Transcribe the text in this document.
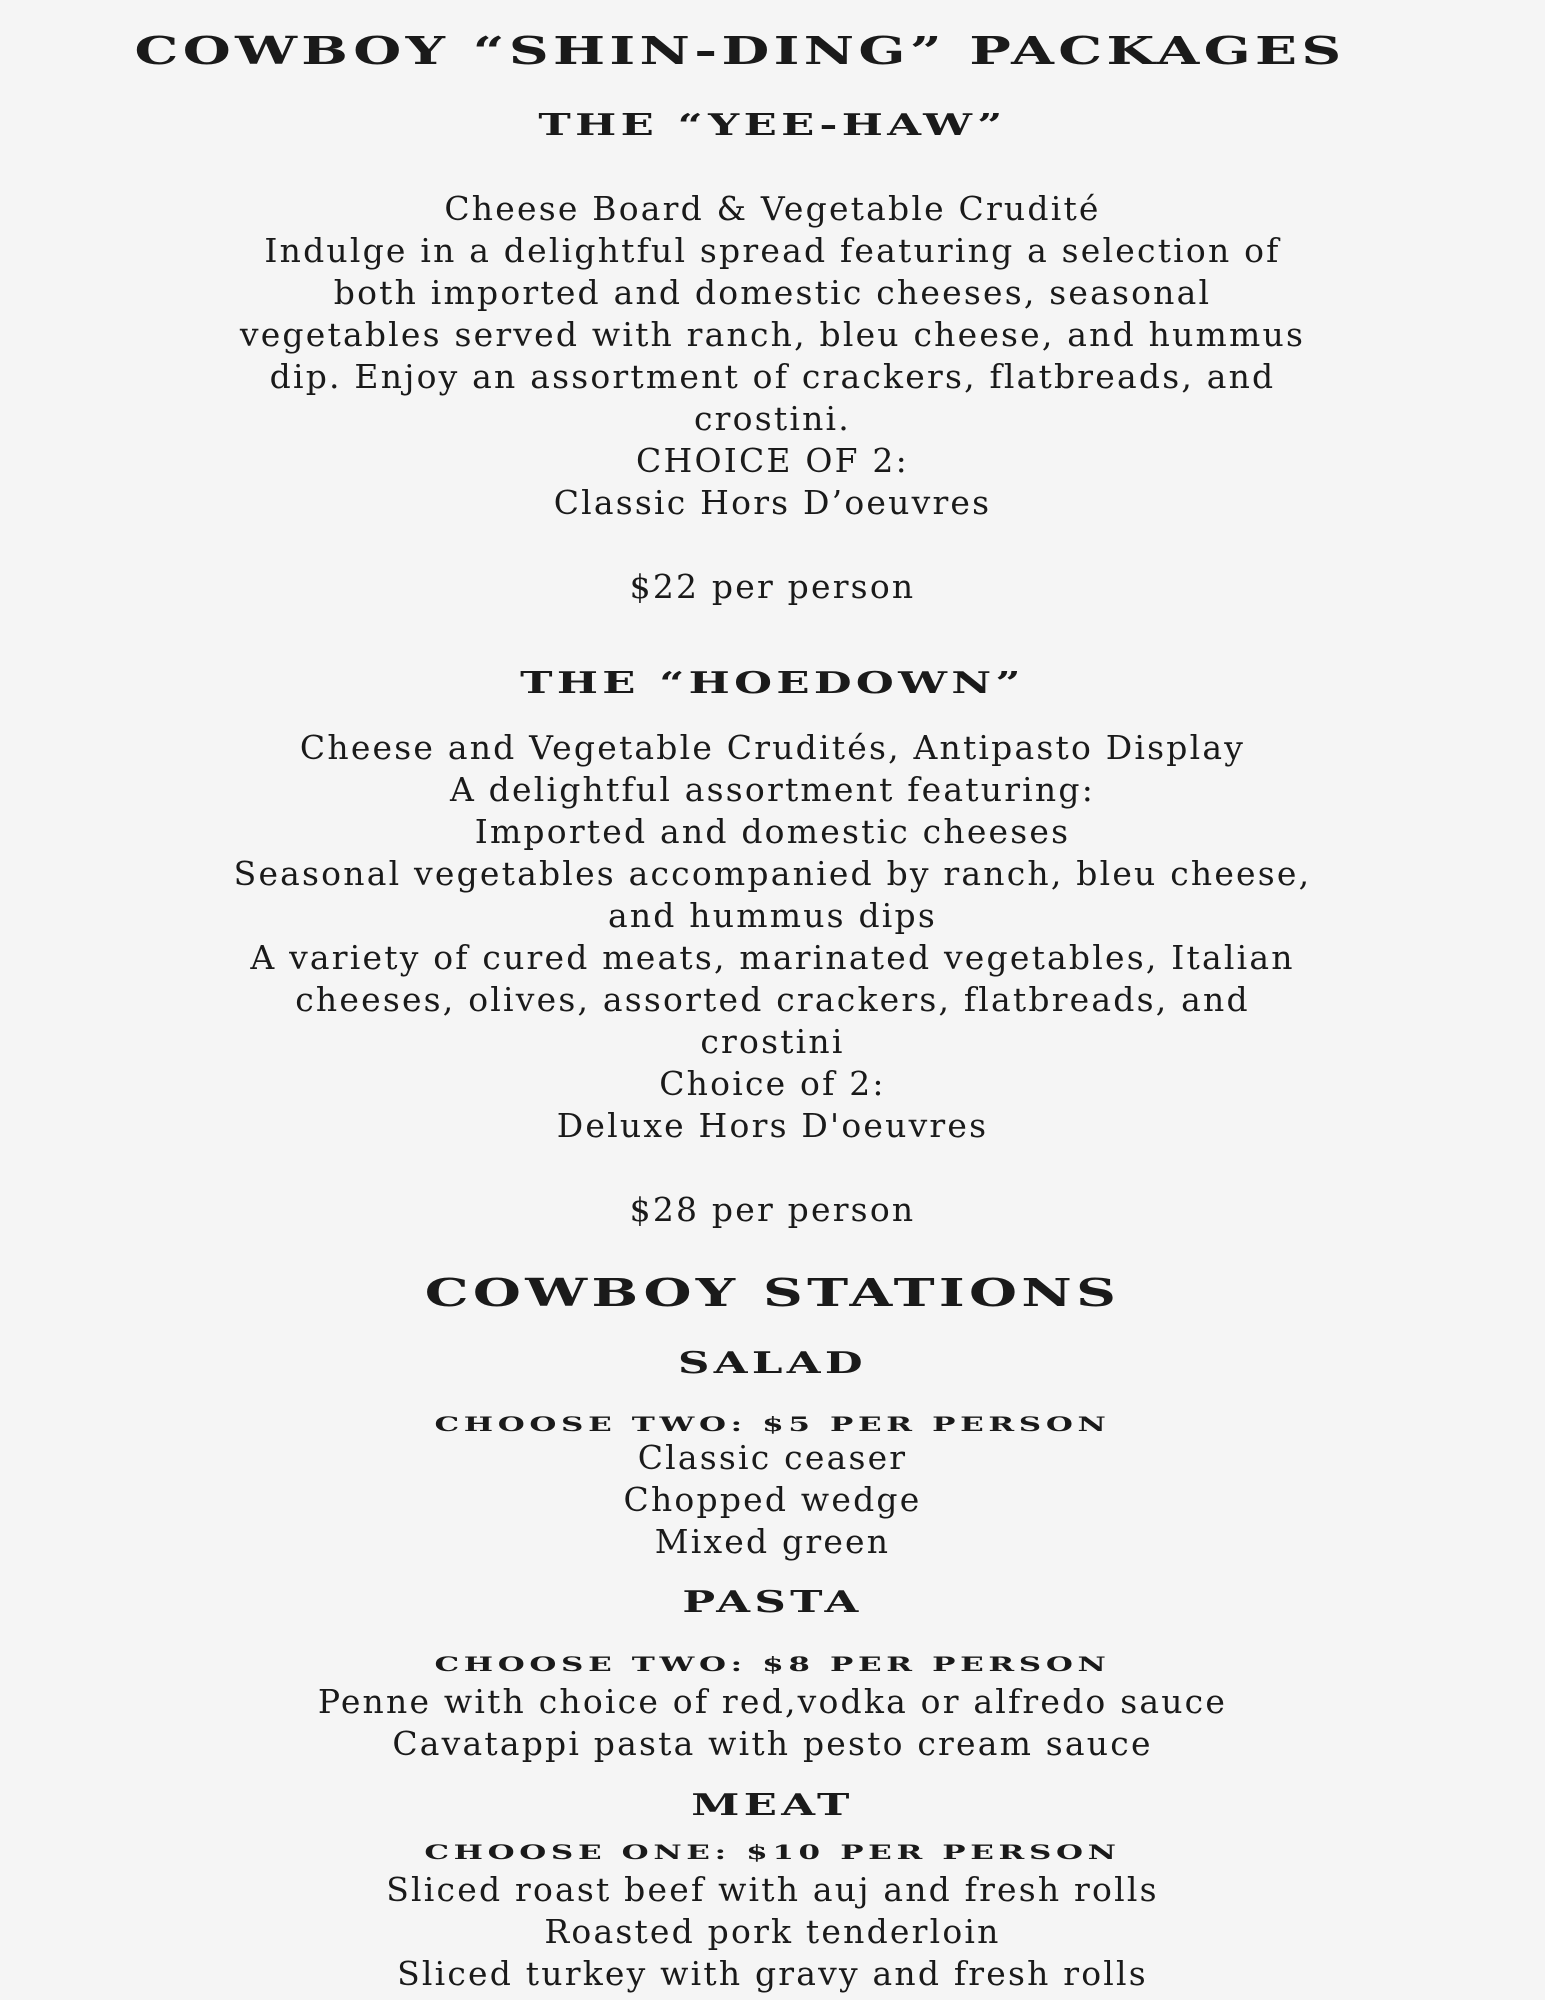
COWBOY “SHIN-DING” PACKAGES
THE “YEE-HAW”
Cheese Board & Vegetable Crudité
Indulge in a delightful spread featuring a selection of
both imported and domestic cheeses, seasonal
vegetables served with ranch, bleu cheese, and hummus
dip. Enjoy an assortment of crackers, flatbreads, and
crostini.
CHOICE OF 2:
Classic Hors D’oeuvres
$22 per person
THE “HOEDOWN”
Cheese and Vegetable Crudités, Antipasto Display
A delightful assortment featuring:
Imported and domestic cheeses
Seasonal vegetables accompanied by ranch, bleu cheese,
and hummus dips
A variety of cured meats, marinated vegetables, Italian
cheeses, olives, assorted crackers, flatbreads, and
crostini
Choice of 2:
Deluxe Hors D'oeuvres
$28 per person
COWBOY STATIONS
SALAD
CHOOSE TWO: $5 PER PERSON
Classic ceaser
Chopped wedge
Mixed green
PASTA
CHOOSE TWO: $8 PER PERSON
Penne with choice of red,vodka or alfredo sauce
Cavatappi pasta with pesto cream sauce
MEAT
CHOOSE ONE: $10 PER PERSON
Sliced roast beef with auj and fresh rolls
Roasted pork tenderloin
Sliced turkey with gravy and fresh rolls
